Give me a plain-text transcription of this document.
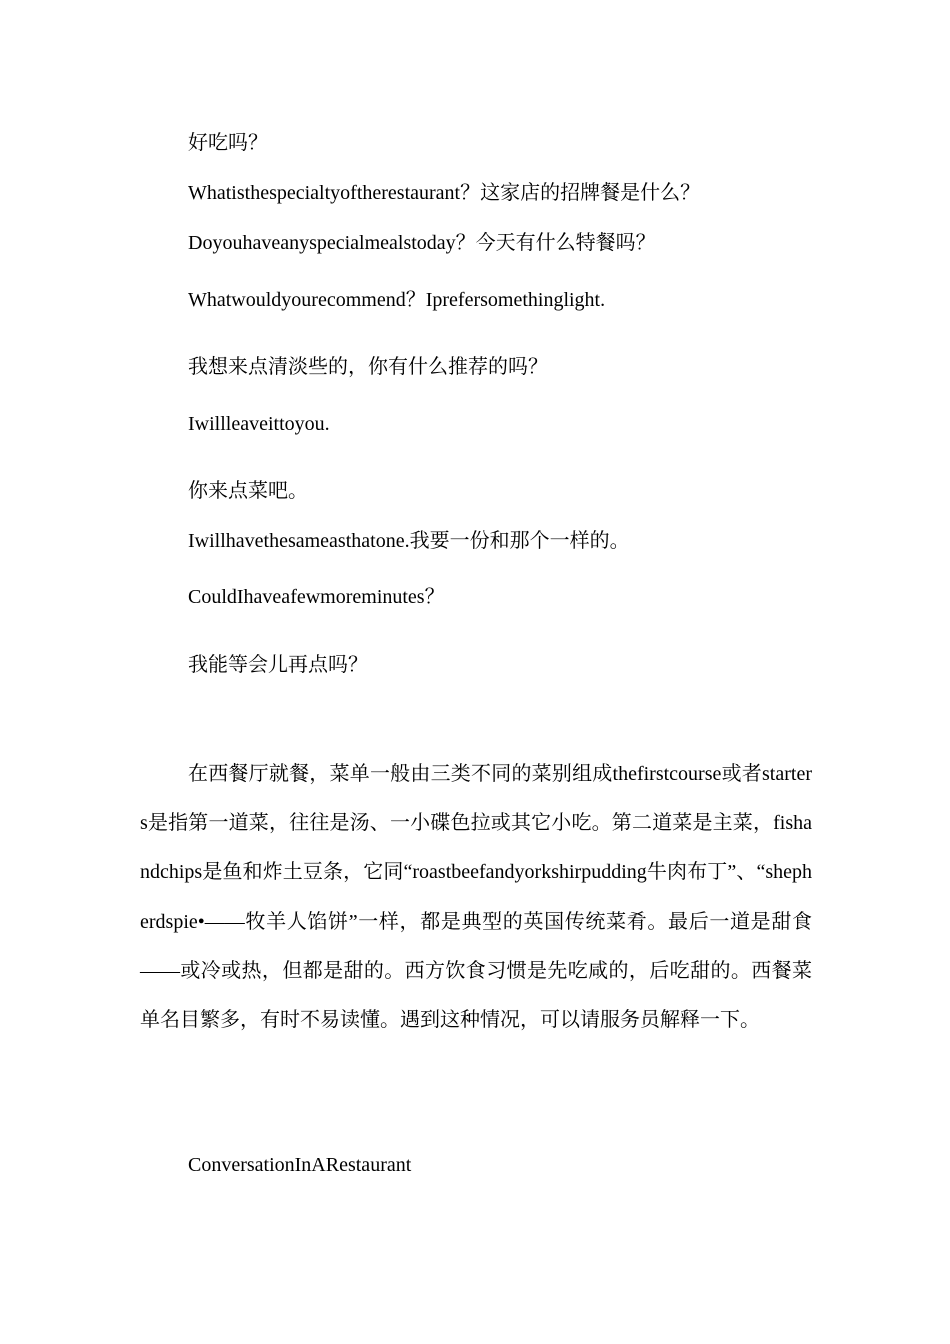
好吃吗？

Whatisthespecialtyoftherestaurant？这家店的招牌餐是什么？

Doyouhaveanyspecialmealstoday？今天有什么特餐吗？

Whatwouldyourecommend？Iprefersomethinglight.

我想来点清淡些的，你有什么推荐的吗？

Iwillleaveittoyou.

你来点菜吧。

Iwillhavethesameasthatone.我要一份和那个一样的。

CouldIhaveafewmoreminutes？

我能等会儿再点吗？

在西餐厅就餐，菜单一般由三类不同的菜别组成thefirstcourse或者starters是指第一道菜，往往是汤、一小碟色拉或其它小吃。第二道菜是主菜，fishandchips是鱼和炸土豆条，它同“roastbeefandyorkshirpudding牛肉布丁”、“shepherdspie•——牧羊人馅饼”一样，都是典型的英国传统菜肴。最后一道是甜食——或冷或热，但都是甜的。西方饮食习惯是先吃咸的，后吃甜的。西餐菜单名目繁多，有时不易读懂。遇到这种情况，可以请服务员解释一下。

ConversationInARestaurant
